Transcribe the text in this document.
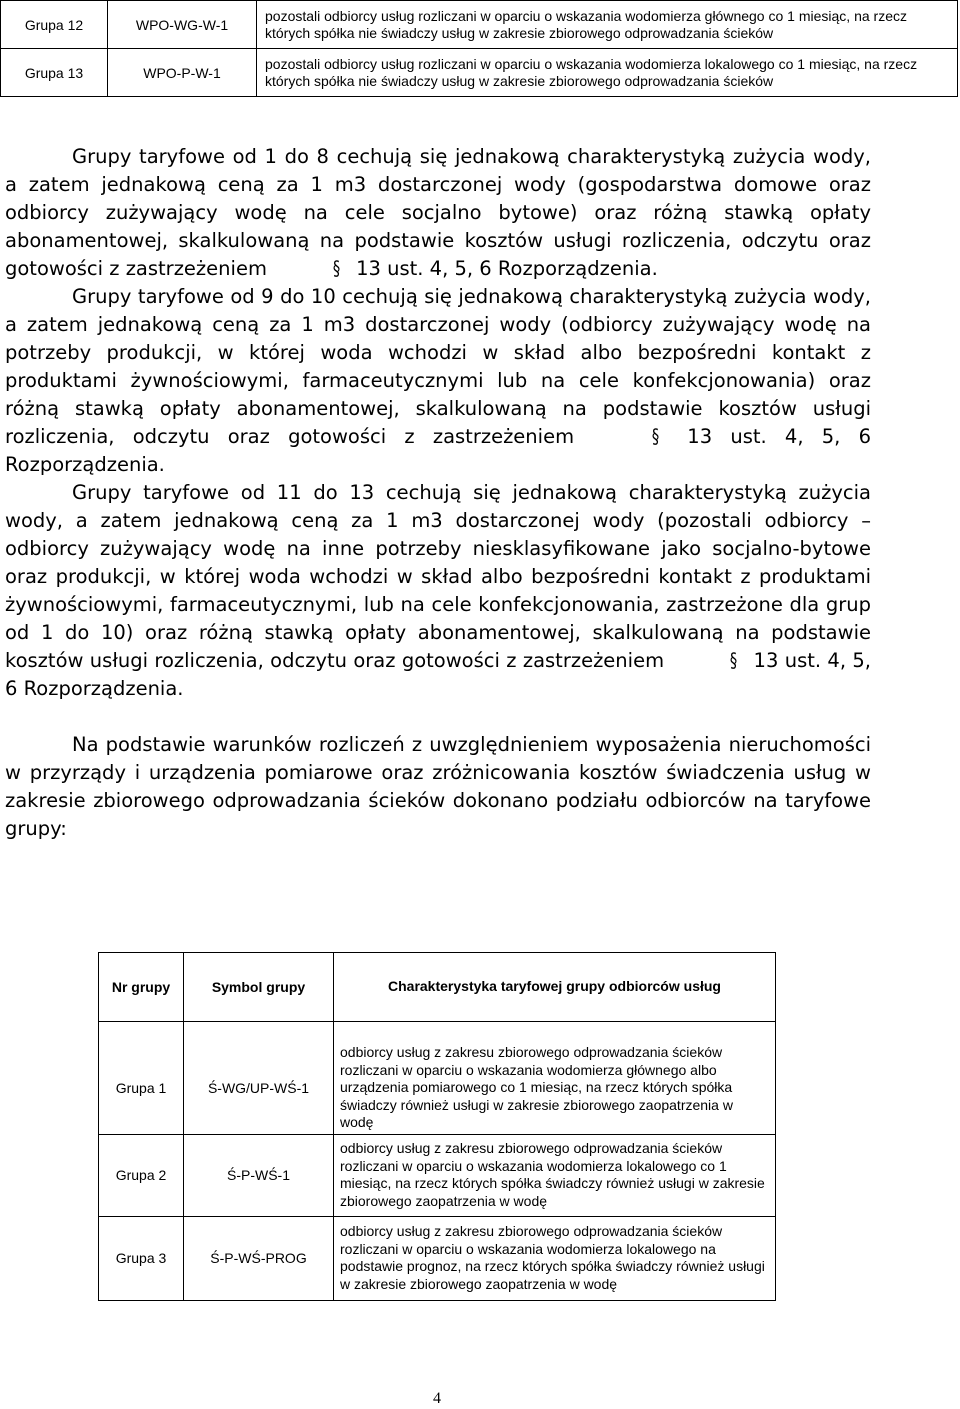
Grupa 12	WPO-WG-W-1	pozostali odbiorcy usług rozliczani w oparciu o wskazania wodomierza głównego co 1 miesiąc, na rzecz których spółka nie świadczy usług w zakresie zbiorowego odprowadzania ścieków
Grupa 13	WPO-P-W-1	pozostali odbiorcy usług rozliczani w oparciu o wskazania wodomierza lokalowego co 1 miesiąc, na rzecz których spółka nie świadczy usług w zakresie zbiorowego odprowadzania ścieków

Grupy taryfowe od 1 do 8 cechują się jednakową charakterystyką zużycia wody, a zatem jednakową ceną za 1 m3 dostarczonej wody (gospodarstwa domowe oraz odbiorcy zużywający wodę na cele socjalno bytowe) oraz różną stawką opłaty abonamentowej, skalkulowaną na podstawie kosztów usługi rozliczenia, odczytu oraz gotowości z zastrzeżeniem	§ 13 ust. 4, 5, 6 Rozporządzenia.

Grupy taryfowe od 9 do 10 cechują się jednakową charakterystyką zużycia wody, a zatem jednakową ceną za 1 m3 dostarczonej wody (odbiorcy zużywający wodę na potrzeby produkcji, w której woda wchodzi w skład albo bezpośredni kontakt z produktami żywnościowymi, farmaceutycznymi lub na cele konfekcjonowania) oraz różną stawką opłaty abonamentowej, skalkulowaną na podstawie kosztów usługi rozliczenia, odczytu oraz gotowości z zastrzeżeniem	§ 13 ust. 4, 5, 6 Rozporządzenia.

Grupy taryfowe od 11 do 13 cechują się jednakową charakterystyką zużycia wody, a zatem jednakową ceną za 1 m3 dostarczonej wody (pozostali odbiorcy – odbiorcy zużywający wodę na inne potrzeby niesklasyfikowane jako socjalno-bytowe oraz produkcji, w której woda wchodzi w skład albo bezpośredni kontakt z produktami żywnościowymi, farmaceutycznymi, lub na cele konfekcjonowania, zastrzeżone dla grup od 1 do 10) oraz różną stawką opłaty abonamentowej, skalkulowaną na podstawie kosztów usługi rozliczenia, odczytu oraz gotowości z zastrzeżeniem	§ 13 ust. 4, 5, 6 Rozporządzenia.

Na podstawie warunków rozliczeń z uwzględnieniem wyposażenia nieruchomości w przyrządy i urządzenia pomiarowe oraz zróżnicowania kosztów świadczenia usług w zakresie zbiorowego odprowadzania ścieków dokonano podziału odbiorców na taryfowe grupy:

Nr grupy	Symbol grupy	Charakterystyka taryfowej grupy odbiorców usług

Grupa 1	Ś-WG/UP-WŚ-1	odbiorcy usług z zakresu zbiorowego odprowadzania ścieków rozliczani w oparciu o wskazania wodomierza głównego albo urządzenia pomiarowego co 1 miesiąc, na rzecz których spółka świadczy również usługi w zakresie zbiorowego zaopatrzenia w wodę
Grupa 2	Ś-P-WŚ-1	odbiorcy usług z zakresu zbiorowego odprowadzania ścieków rozliczani w oparciu o wskazania wodomierza lokalowego co 1 miesiąc, na rzecz których spółka świadczy również usługi w zakresie zbiorowego zaopatrzenia w wodę
Grupa 3	Ś-P-WŚ-PROG	odbiorcy usług z zakresu zbiorowego odprowadzania ścieków rozliczani w oparciu o wskazania wodomierza lokalowego na podstawie prognoz, na rzecz których spółka świadczy również usługi w zakresie zbiorowego zaopatrzenia w wodę
4
